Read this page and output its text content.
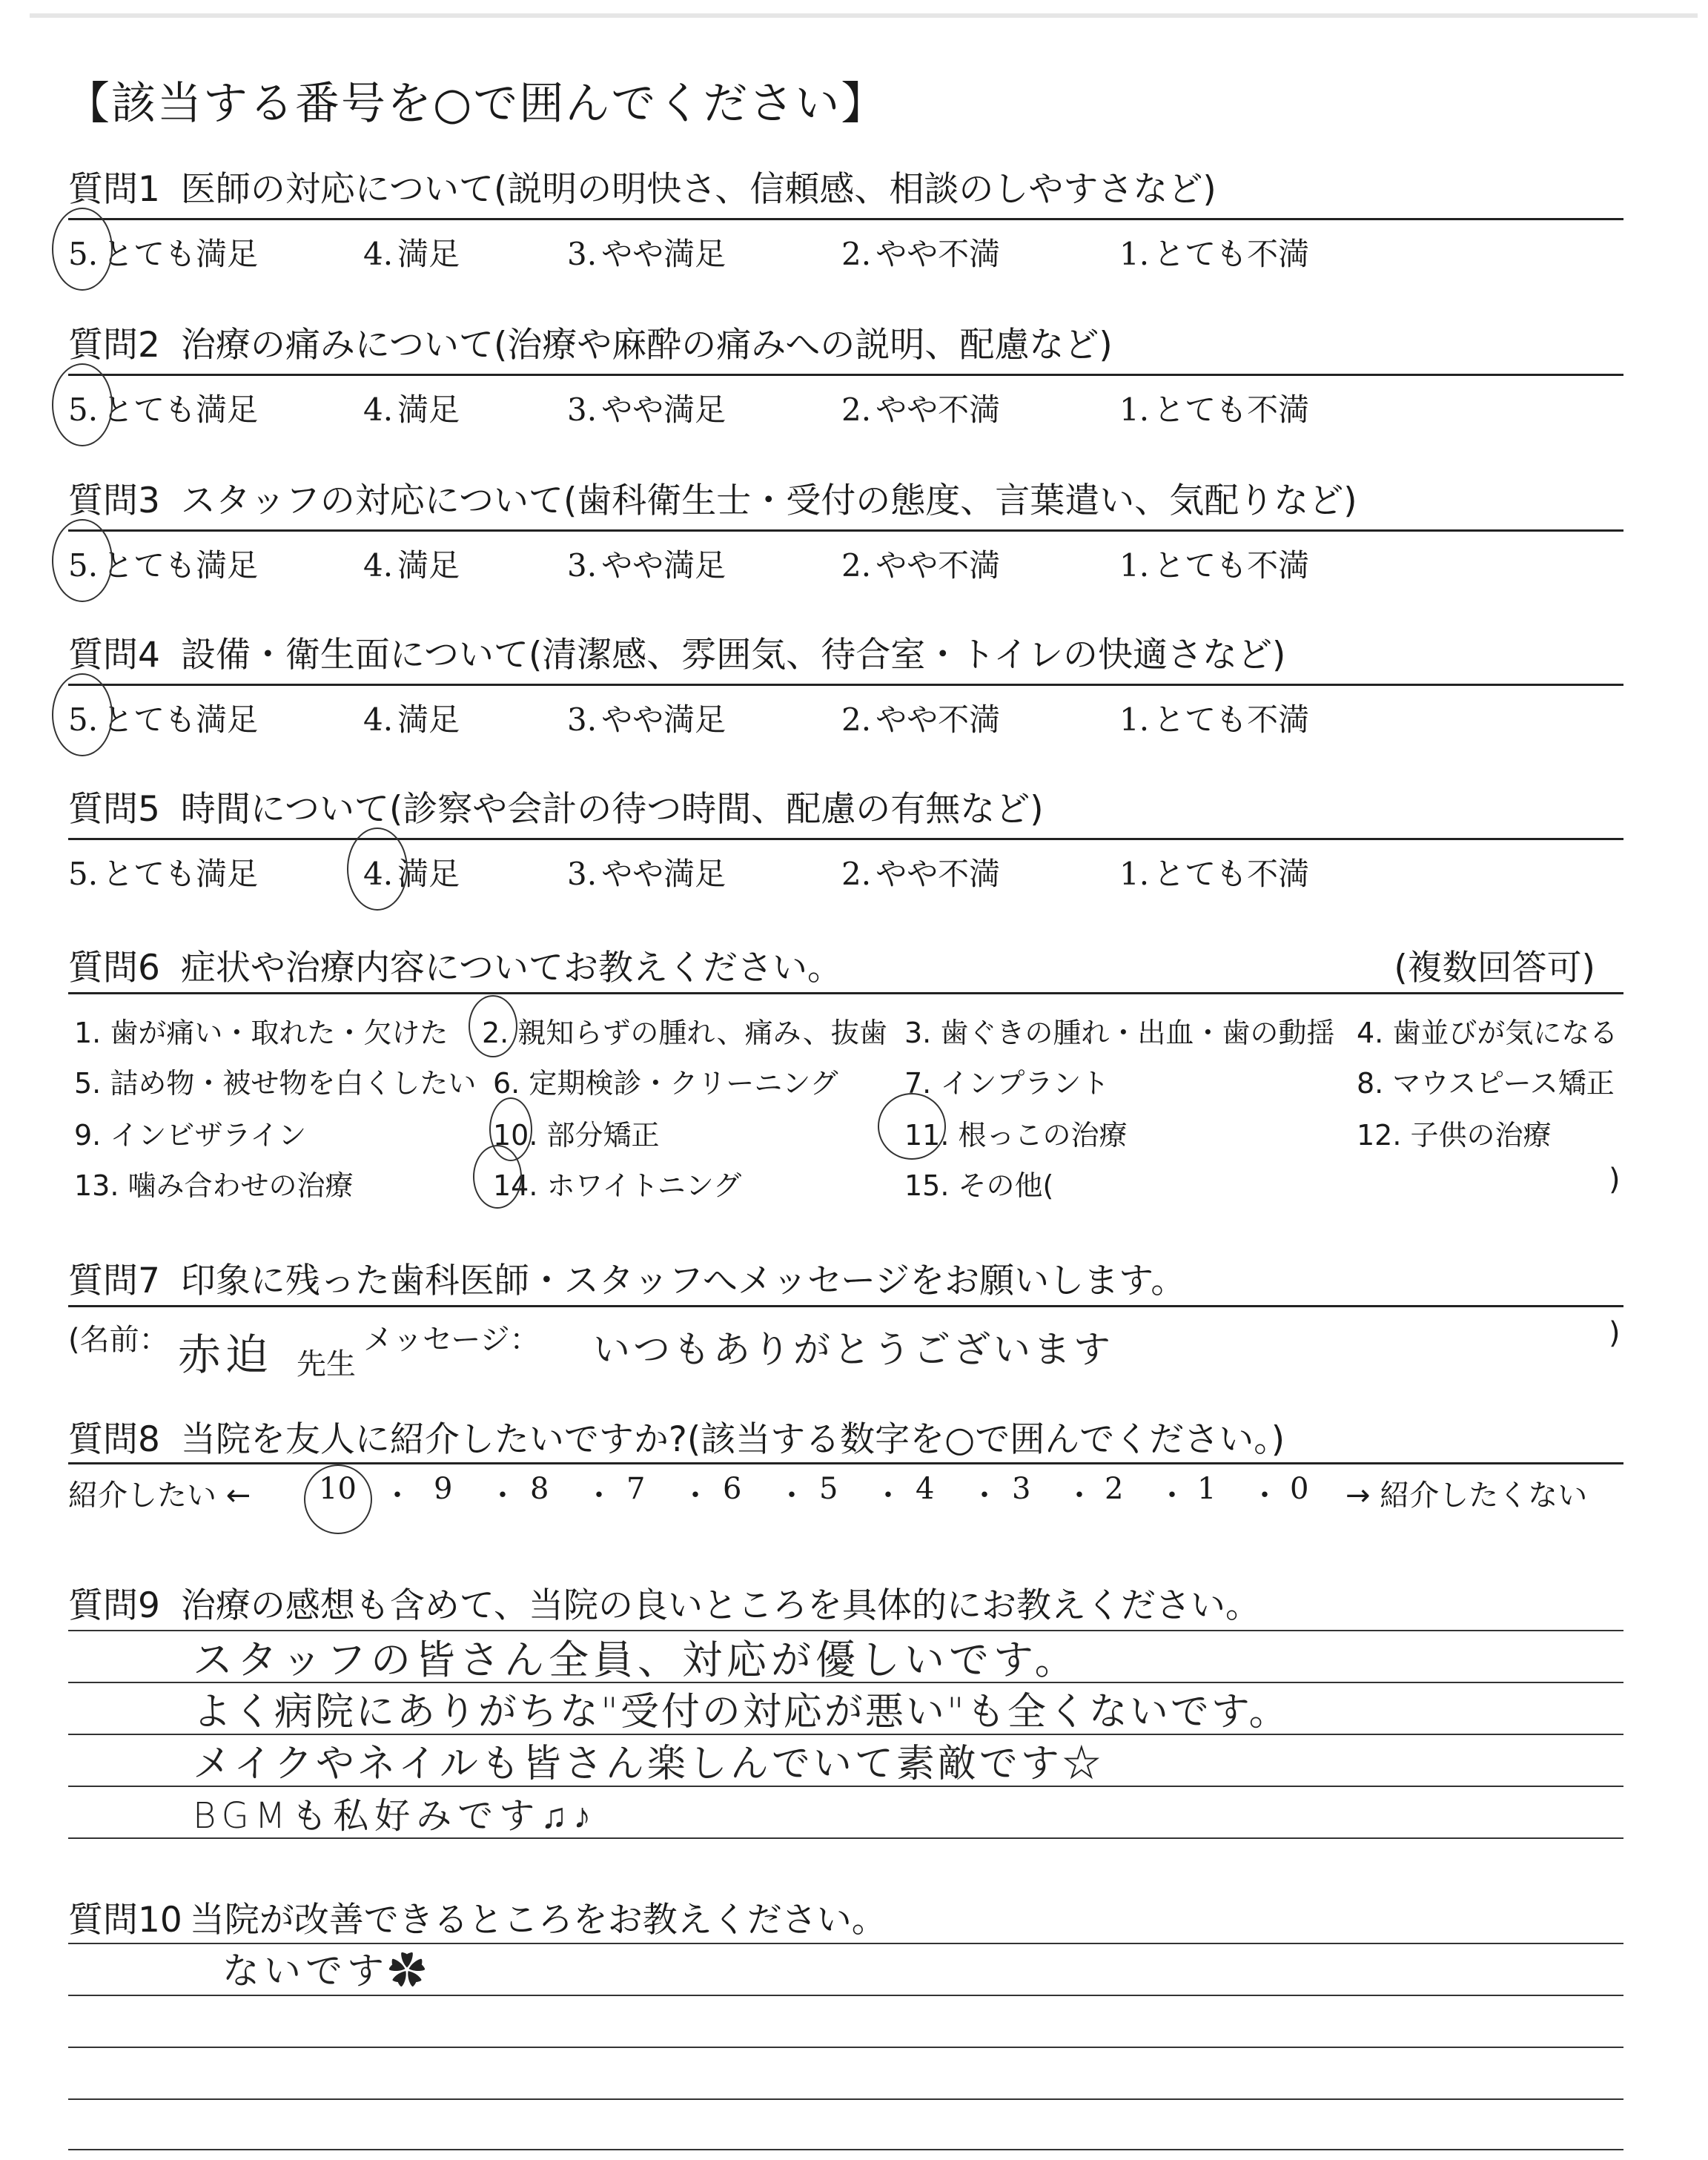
【該当する番号を○で囲んでください】
質問1 医師の対応について(説明の明快さ、信頼感、相談のしやすさなど)
5. とても満足	4. 満足	3. やや満足	2. やや不満	1. とても不満
質問2 治療の痛みについて(治療や麻酔の痛みへの説明、配慮など)
5. とても満足	4. 満足	3. やや満足	2. やや不満	1. とても不満
質問3 スタッフの対応について(歯科衛生士・受付の態度、言葉遣い、気配りなど)
5. とても満足	4. 満足	3. やや満足	2. やや不満	1. とても不満
質問4 設備・衛生面について(清潔感、雰囲気、待合室・トイレの快適さなど)
5. とても満足	4. 満足	3. やや満足	2. やや不満	1. とても不満
質問5 時間について(診察や会計の待つ時間、配慮の有無など)
5. とても満足	4. 満足	3. やや満足	2. やや不満	1. とても不満
質問6 症状や治療内容についてお教えください。	(複数回答可)
1. 歯が痛い・取れた・欠けた 2. 親知らずの腫れ、痛み、抜歯 3. 歯ぐきの腫れ・出血・歯の動揺 4. 歯並びが気になる
5. 詰め物・被せ物を白くしたい 6. 定期検診・クリーニング 7. インプラント	8. マウスピース矯正
9. インビザライン	10. 部分矯正	11. 根っこの治療	12. 子供の治療
13. 噛み合わせの治療	14. ホワイトニング	15. その他(	)
質問7 印象に残った歯科医師・スタッフへメッセージをお願いします。
(名前： 赤迫 先生
メッセージ： いつもありがとうございます	)
質問8 当院を友人に紹介したいですか?(該当する数字を○で囲んでください。)
紹介したい ← 10 ・ 9 ・ 8 ・ 7 ・ 6 ・ 5 ・ 4 ・ 3 ・ 2 ・ 1 ・ 0 → 紹介したくない
質問9 治療の感想も含めて、当院の良いところを具体的にお教えください。
スタッフの皆さん全員、対応が優しいです。
よく病院にありがちな"受付の対応が悪い"も全くないです。
メイクやネイルも皆さん楽しんでいて素敵です☆
BGMも私好みです♫♪
質問10 当院が改善できるところをお教えください。
ないです✿
